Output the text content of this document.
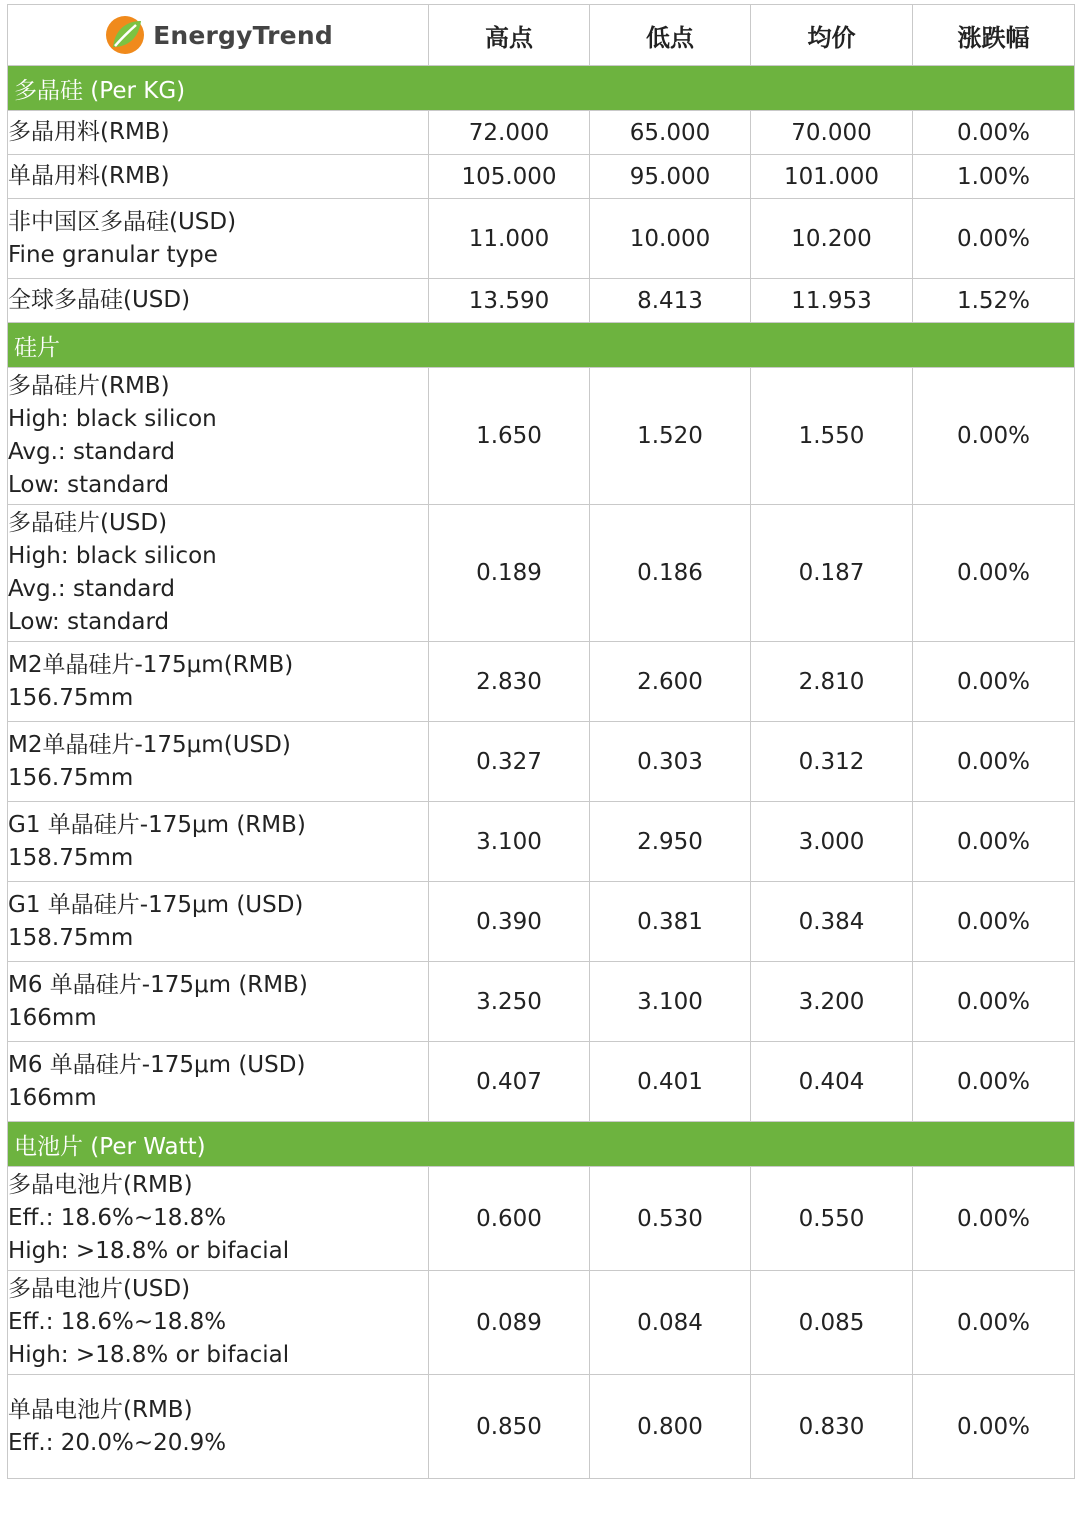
EnergyTrend	高点	低点	均价	涨跌幅
多晶硅 (Per KG)				

多晶用料(RMB)	72.000	65.000	70.000	0.00%

单晶用料(RMB)	105.000	95.000	101.000	1.00%

非中国区多晶硅(USD)
Fine granular type	11.000	10.000	10.200	0.00%

全球多晶硅(USD)	13.590	8.413	11.953	1.52%
硅片				

多晶硅片(RMB)
High: black silicon
Avg.: standard
Low: standard	1.650	1.520	1.550	0.00%

多晶硅片(USD)
High: black silicon
Avg.: standard
Low: standard	0.189	0.186	0.187	0.00%

M2单晶硅片-175μm(RMB)
156.75mm	2.830	2.600	2.810	0.00%

M2单晶硅片-175μm(USD)
156.75mm	0.327	0.303	0.312	0.00%

G1 单晶硅片-175μm (RMB)
158.75mm	3.100	2.950	3.000	0.00%

G1 单晶硅片-175μm (USD)
158.75mm	0.390	0.381	0.384	0.00%

M6 单晶硅片-175μm (RMB)
166mm	3.250	3.100	3.200	0.00%

M6 单晶硅片-175μm (USD)
166mm	0.407	0.401	0.404	0.00%
电池片 (Per Watt)				

多晶电池片(RMB)
Eff.: 18.6%~18.8%
High: >18.8% or bifacial	0.600	0.530	0.550	0.00%

多晶电池片(USD)
Eff.: 18.6%~18.8%
High: >18.8% or bifacial	0.089	0.084	0.085	0.00%

单晶电池片(RMB)
Eff.: 20.0%~20.9%	0.850	0.800	0.830	0.00%
